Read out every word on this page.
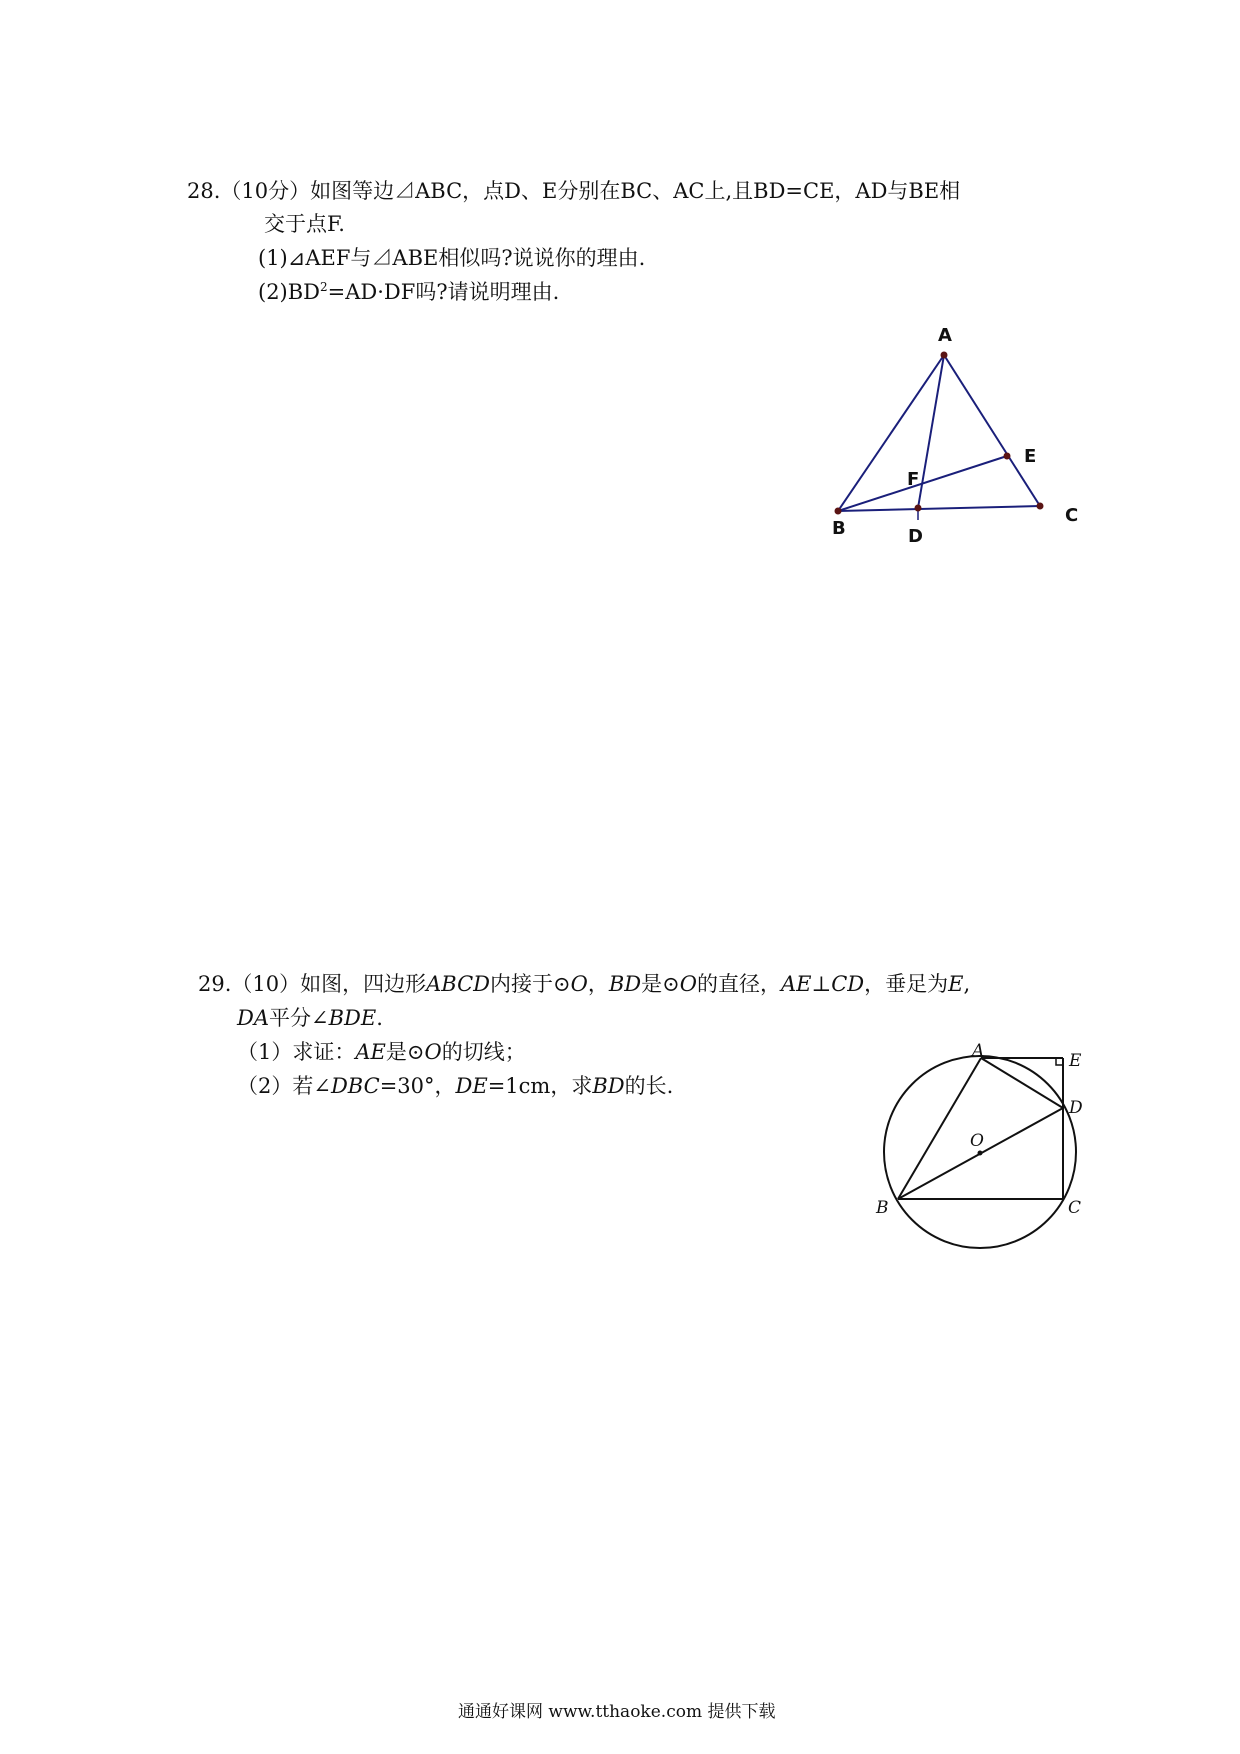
28.（10分）如图等边⊿ABC，点D、E分别在BC、AC上,且BD=CE，AD与BE相
交于点F.
(1)⊿AEF与⊿ABE相似吗?说说你的理由.
$(2)BD^2=AD\cdot DF$吗?请说明理由.
A
B
C
D
E
F
29.（10）如图，四边形ABCD内接于⊙O，BD是⊙O的直径，AE⊥CD，垂足为E,
DA平分∠BDE.
（1）求证：AE是⊙O的切线；
（2）若∠DBC=30°，DE=1cm，求BD的长.
A
B	C
D
E
O
通通好课网 www.tthaoke.com 提供下载
